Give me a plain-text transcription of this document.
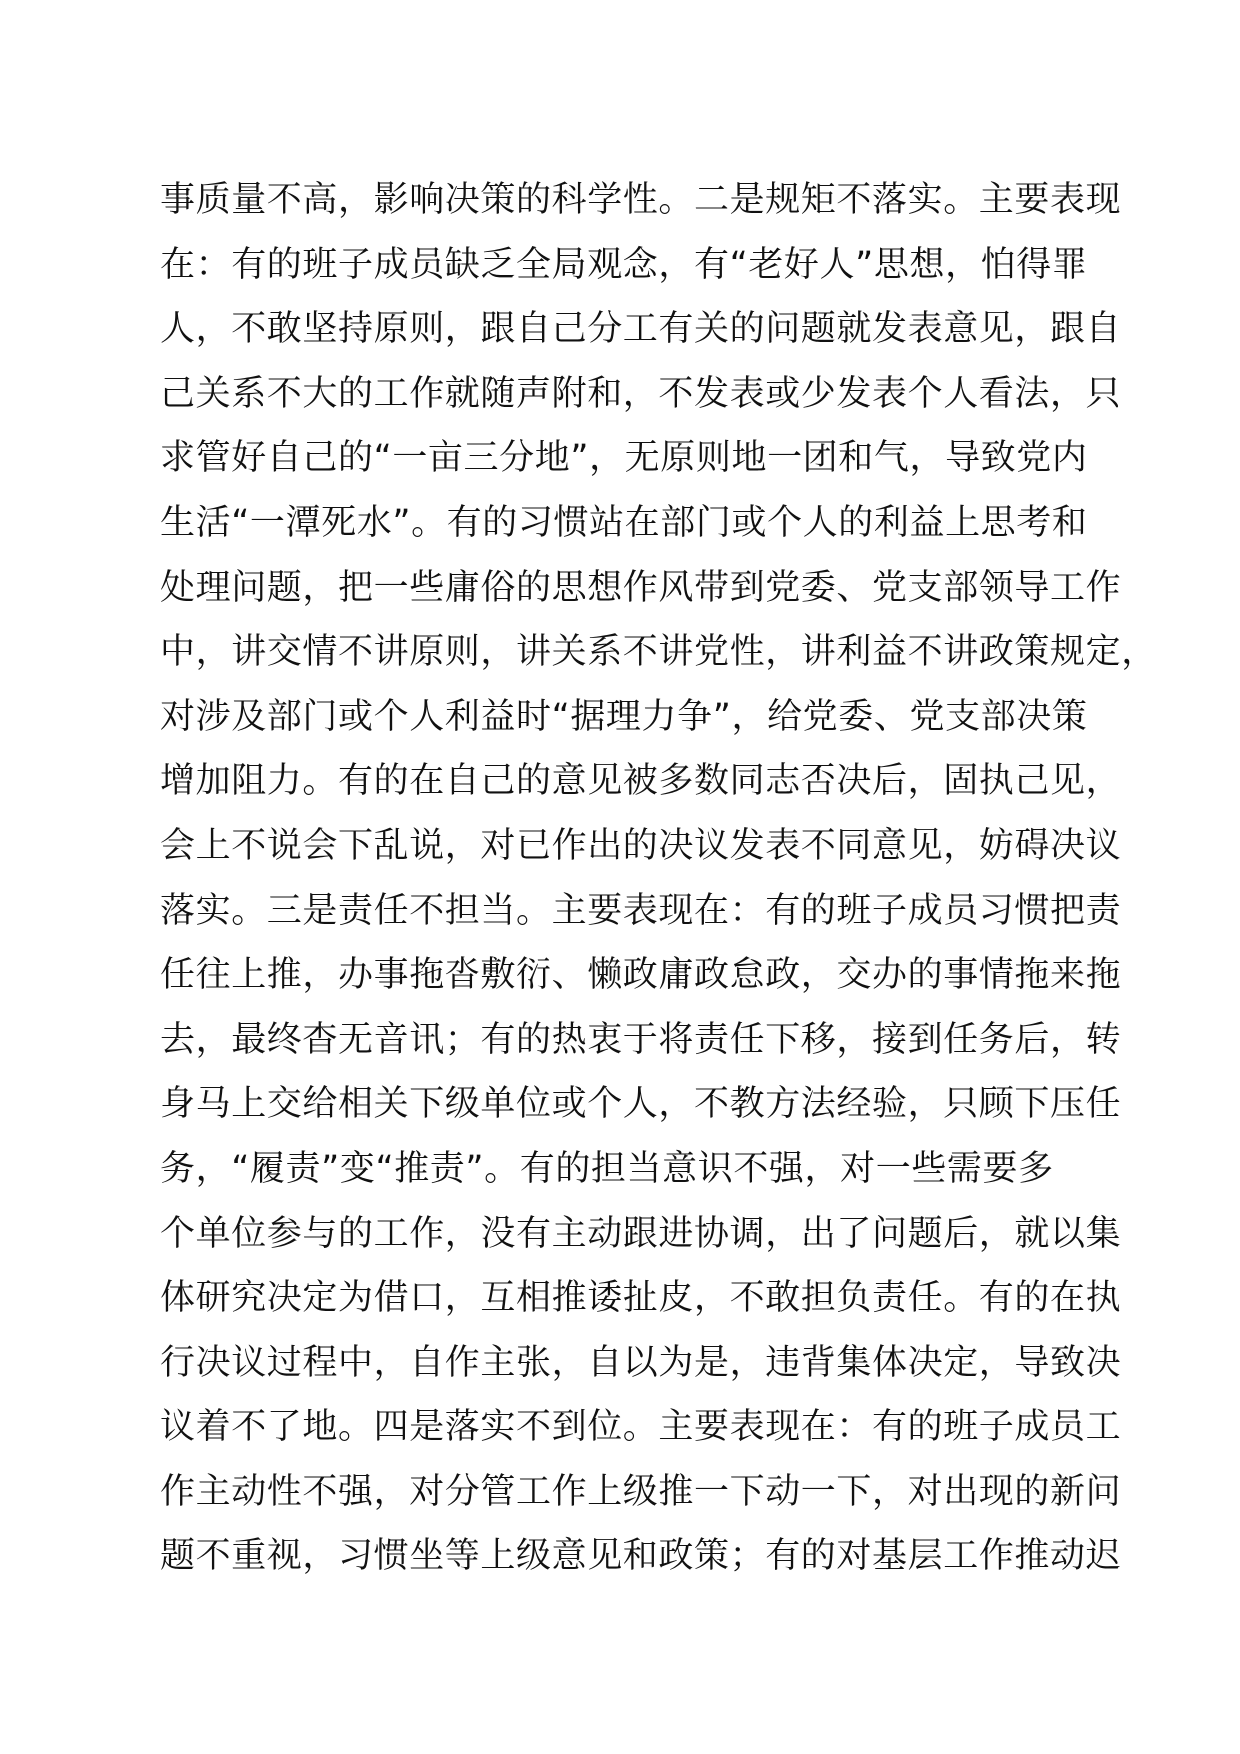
事质量不高，影响决策的科学性。二是规矩不落实。主要表现
在：有的班子成员缺乏全局观念，有“老好人”思想，怕得罪
人，不敢坚持原则，跟自己分工有关的问题就发表意见，跟自
己关系不大的工作就随声附和，不发表或少发表个人看法，只
求管好自己的“一亩三分地”，无原则地一团和气，导致党内
生活“一潭死水”。有的习惯站在部门或个人的利益上思考和
处理问题，把一些庸俗的思想作风带到党委、党支部领导工作
中，讲交情不讲原则，讲关系不讲党性，讲利益不讲政策规定，
对涉及部门或个人利益时“据理力争”，给党委、党支部决策
增加阻力。有的在自己的意见被多数同志否决后，固执己见，
会上不说会下乱说，对已作出的决议发表不同意见，妨碍决议
落实。三是责任不担当。主要表现在：有的班子成员习惯把责
任往上推，办事拖沓敷衍、懒政庸政怠政，交办的事情拖来拖
去，最终杳无音讯；有的热衷于将责任下移，接到任务后，转
身马上交给相关下级单位或个人，不教方法经验，只顾下压任
务，“履责”变“推责”。有的担当意识不强，对一些需要多
个单位参与的工作，没有主动跟进协调，出了问题后，就以集
体研究决定为借口，互相推诿扯皮，不敢担负责任。有的在执
行决议过程中，自作主张，自以为是，违背集体决定，导致决
议着不了地。四是落实不到位。主要表现在：有的班子成员工
作主动性不强，对分管工作上级推一下动一下，对出现的新问
题不重视，习惯坐等上级意见和政策；有的对基层工作推动迟
